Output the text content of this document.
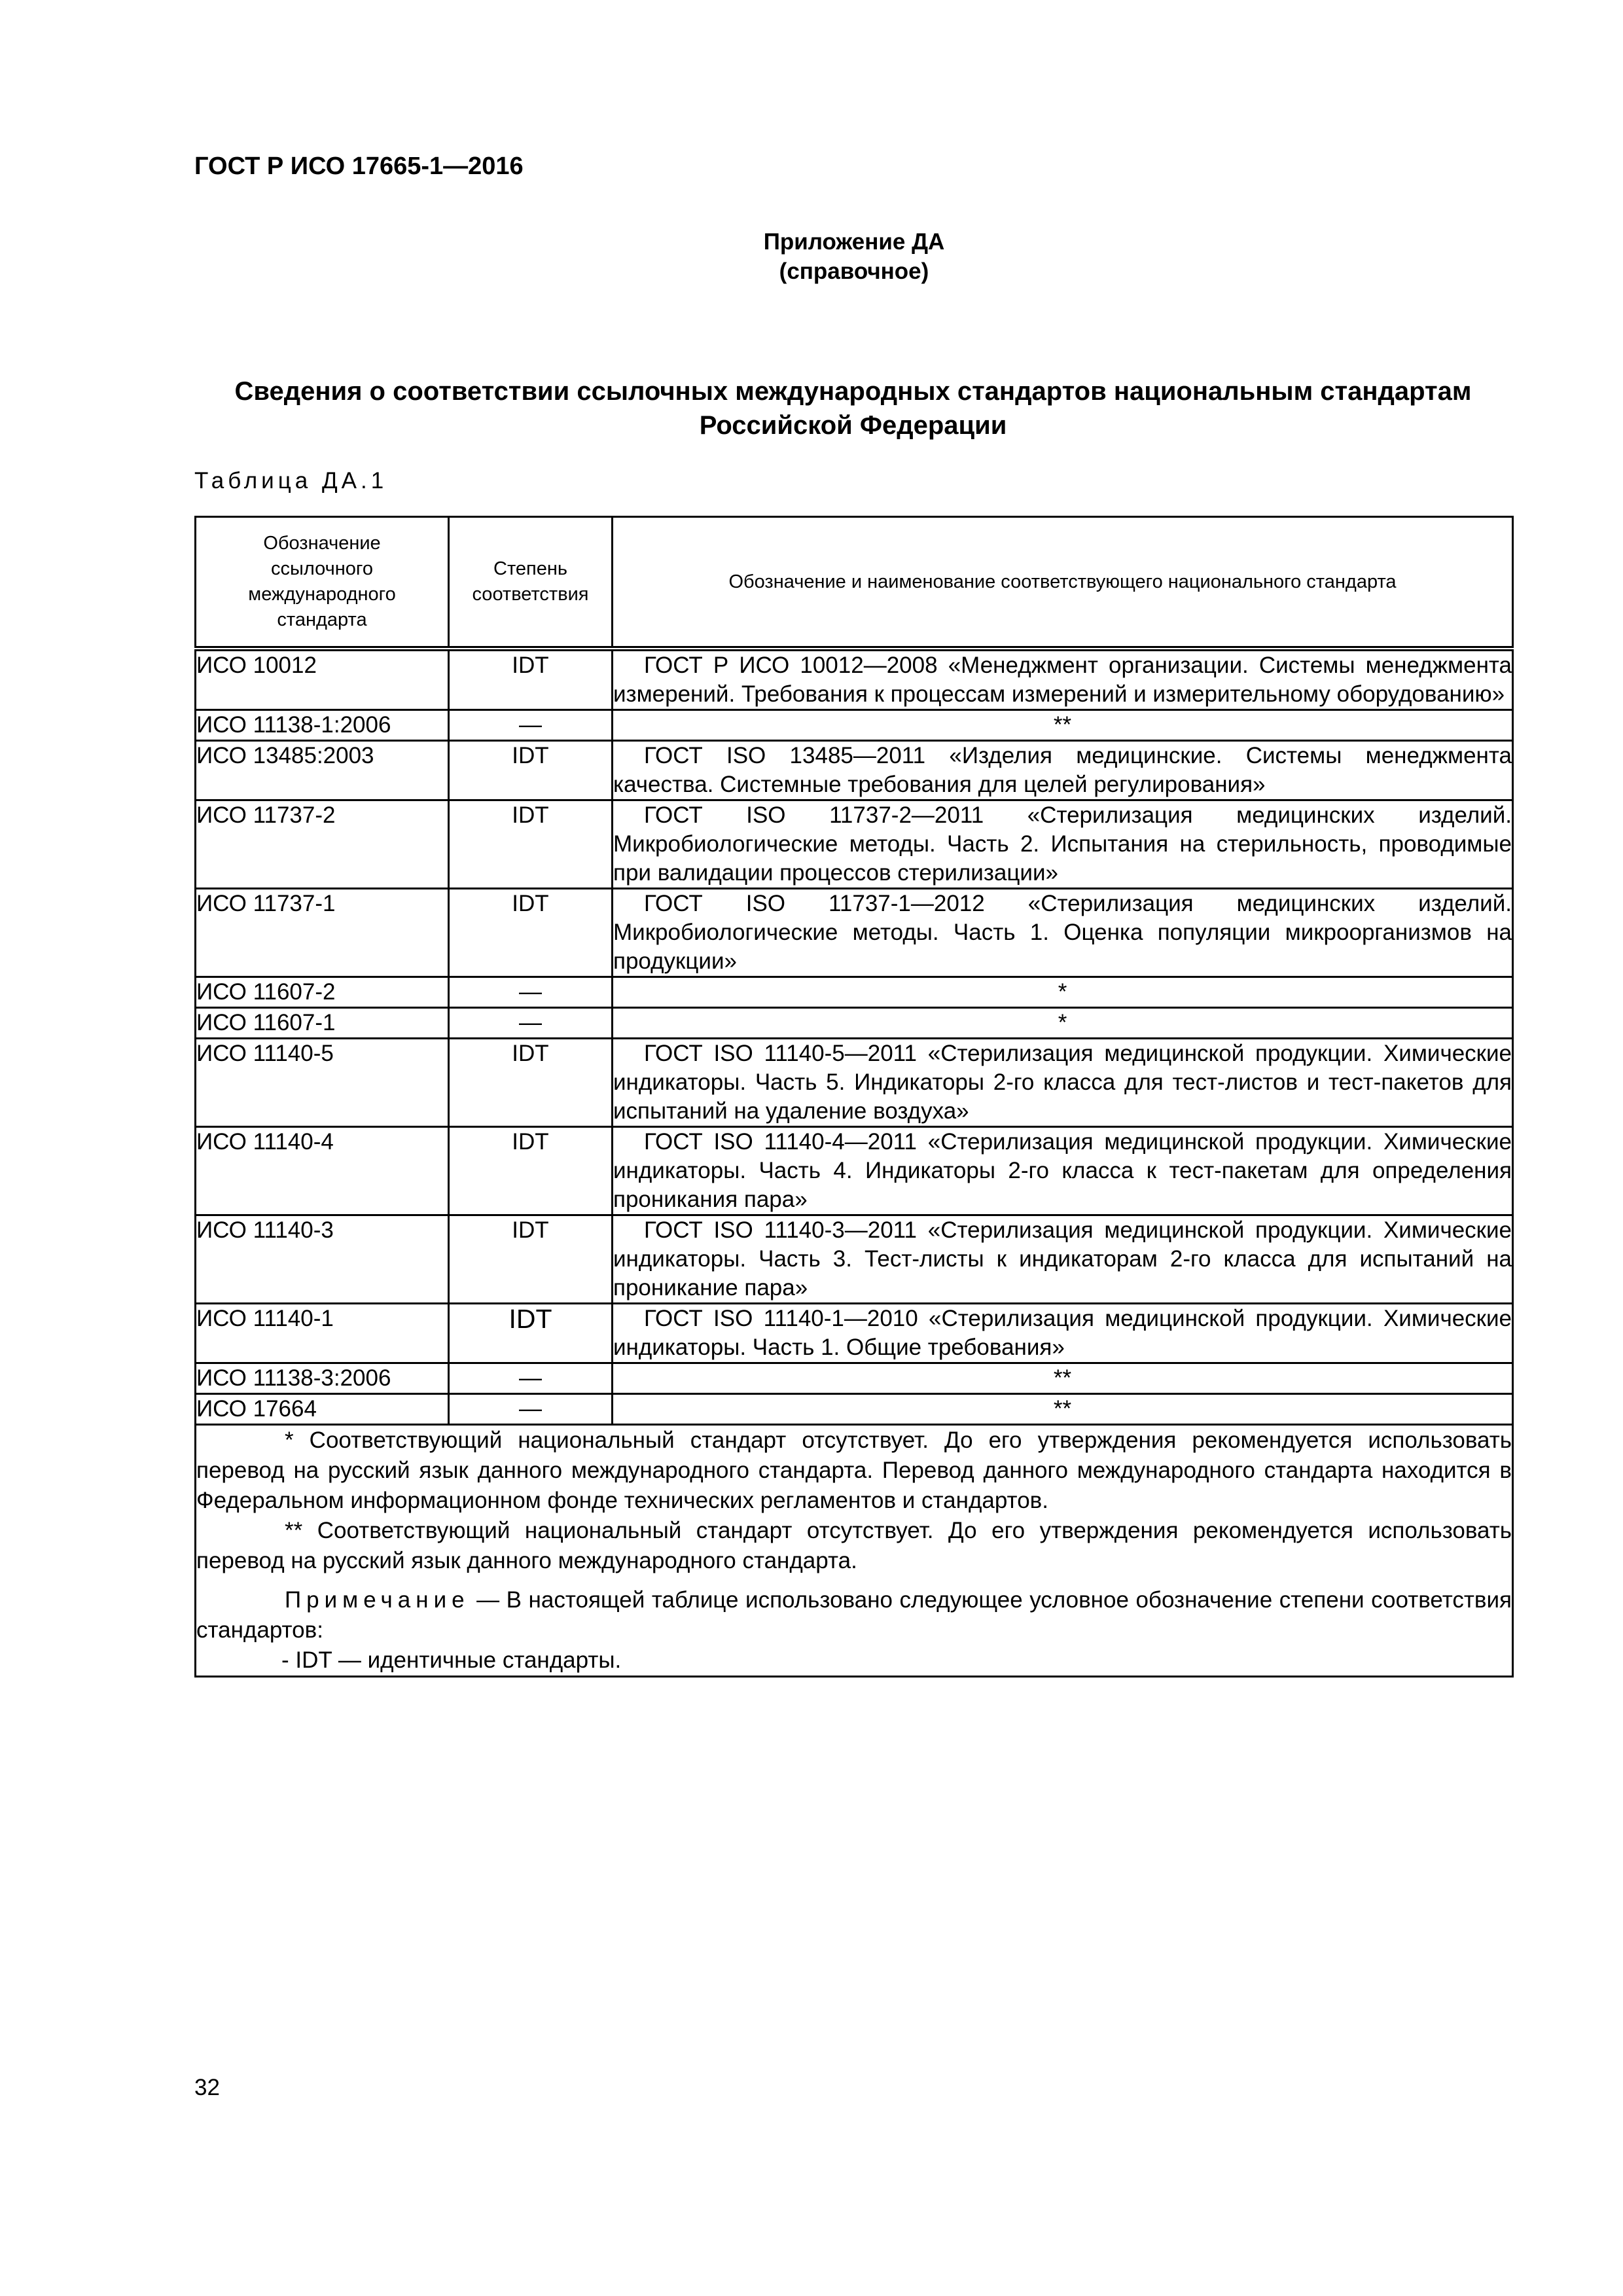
ГОСТ Р ИСО 17665-1—2016
Приложение ДА
(справочное)
Сведения о соответствии ссылочных международных стандартов национальным стандартам
Российской Федерации
Таблица ДА.1
Обозначение ссылочного международного стандарта	Степень соответствия	Обозначение и наименование соответствующего национального стандарта
ИСО 10012	IDT	ГОСТ Р ИСО 10012—2008 «Менеджмент организации. Системы менеджмента измерений. Требования к процессам измерений и измерительному оборудованию»

ИСО 11138-1:2006	—	**
ИСО 13485:2003	IDT	ГОСТ ISO 13485—2011 «Изделия медицинские. Системы менеджмента качества. Системные требования для целей регулирования»

ИСО 11737-2	IDT	ГОСТ ISO 11737-2—2011 «Стерилизация медицинских изделий. Микробиологические методы. Часть 2. Испытания на стерильность, проводимые при валидации процессов стерилизации»

ИСО 11737-1	IDT	ГОСТ ISO 11737-1—2012 «Стерилизация медицинских изделий. Микробиологические методы. Часть 1. Оценка популяции микроорганизмов на продукции»

ИСО 11607-2	—	*
ИСО 11607-1	—	*
ИСО 11140-5	IDT	ГОСТ ISO 11140-5—2011 «Стерилизация медицинской продукции. Химические индикаторы. Часть 5. Индикаторы 2-го класса для тест-листов и тест-пакетов для испытаний на удаление воздуха»

ИСО 11140-4	IDT	ГОСТ ISO 11140-4—2011 «Стерилизация медицинской продукции. Химические индикаторы. Часть 4. Индикаторы 2-го класса к тест-пакетам для определения проникания пара»

ИСО 11140-3	IDT	ГОСТ ISO 11140-3—2011 «Стерилизация медицинской продукции. Химические индикаторы. Часть 3. Тест-листы к индикаторам 2-го класса для испытаний на проникание пара»

ИСО 11140-1	IDT	ГОСТ ISO 11140-1—2010 «Стерилизация медицинской продукции. Химические индикаторы. Часть 1. Общие требования»

ИСО 11138-3:2006	—	**
ИСО 17664	—	**

* Соответствующий национальный стандарт отсутствует. До его утверждения рекомендуется использовать перевод на русский язык данного международного стандарта. Перевод данного международного стандарта находится в Федеральном информационном фонде технических регламентов и стандартов.

** Соответствующий национальный стандарт отсутствует. До его утверждения рекомендуется использовать перевод на русский язык данного международного стандарта.

Примечание — В настоящей таблице использовано следующее условное обозначение степени соответствия стандартов:

- IDT — идентичные стандарты.		

32
